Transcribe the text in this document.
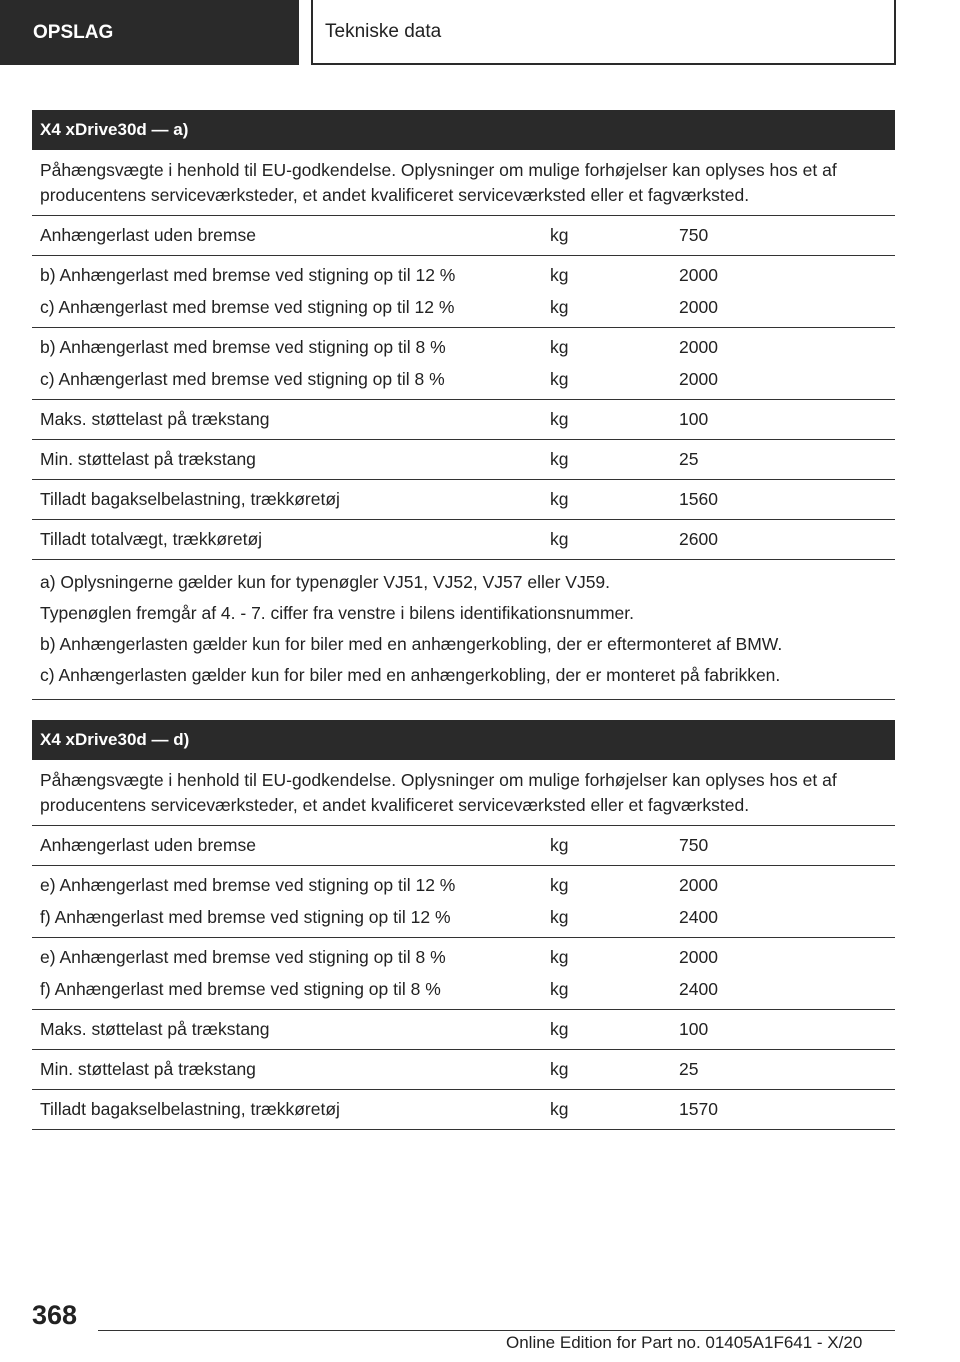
OPSLAG	Tekniske data
X4 xDrive30d — a)
Påhængsvægte i henhold til EU-godkendelse. Oplysninger om mulige forhøjelser kan oplyses hos et af producentens serviceværksteder, et andet kvalificeret serviceværksted eller et fagværksted.
Anhængerlast uden bremse	kg	750
b) Anhængerlast med bremse ved stigning op til 12 %	kg	2000
c) Anhængerlast med bremse ved stigning op til 12 %	kg	2000
b) Anhængerlast med bremse ved stigning op til 8 %	kg	2000
c) Anhængerlast med bremse ved stigning op til 8 %	kg	2000
Maks. støttelast på trækstang	kg	100
Min. støttelast på trækstang	kg	25
Tilladt bagakselbelastning, trækkøretøj	kg	1560
Tilladt totalvægt, trækkøretøj	kg	2600
a) Oplysningerne gælder kun for typenøgler VJ51, VJ52, VJ57 eller VJ59.
Typenøglen fremgår af 4. - 7. ciffer fra venstre i bilens identifikationsnummer.
b) Anhængerlasten gælder kun for biler med en anhængerkobling, der er eftermonteret af BMW.
c) Anhængerlasten gælder kun for biler med en anhængerkobling, der er monteret på fabrikken.
X4 xDrive30d — d)
Påhængsvægte i henhold til EU-godkendelse. Oplysninger om mulige forhøjelser kan oplyses hos et af producentens serviceværksteder, et andet kvalificeret serviceværksted eller et fagværksted.
Anhængerlast uden bremse	kg	750
e) Anhængerlast med bremse ved stigning op til 12 %	kg	2000
f) Anhængerlast med bremse ved stigning op til 12 %	kg	2400
e) Anhængerlast med bremse ved stigning op til 8 %	kg	2000
f) Anhængerlast med bremse ved stigning op til 8 %	kg	2400
Maks. støttelast på trækstang	kg	100
Min. støttelast på trækstang	kg	25
Tilladt bagakselbelastning, trækkøretøj	kg	1570
368
Online Edition for Part no. 01405A1F641 - X/20
